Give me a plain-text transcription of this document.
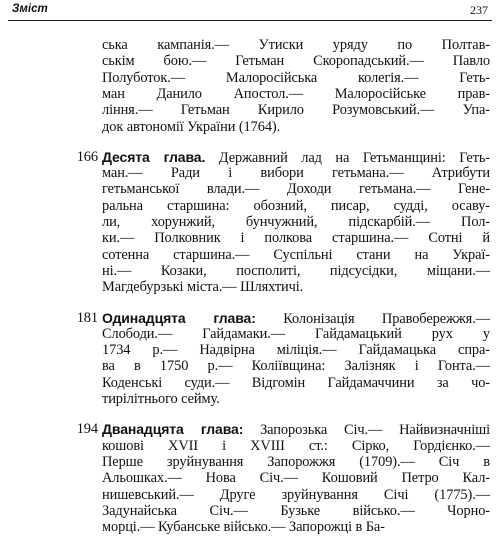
Зміст	237
ська кампанія.— Утиски уряду по Полтав-
ськім бою.— Гетьман Скоропадський.— Павло
Полуботок.— Малоросійська колегія.— Геть-
ман Данило Апостол.— Малоросійське прав-
ління.— Гетьман Кирило Розумовський.— Упа-
док автономії України (1764).
166 Десята глава. Державний лад на Гетьманщині: Геть-
ман.— Ради і вибори гетьмана.— Атрибути
гетьманської влади.— Доходи гетьмана.— Гене-
ральна старшина: обозний, писар, судді, осаву-
ли, хорунжий, бунчужний, підскарбій.— Пол-
ки.— Полковник і полкова старшина.— Сотні й
сотенна старшина.— Суспільні стани на Украї-
ні.— Козаки, посполиті, підсусідки, міщани.—
Магдебурзькі міста.— Шляхтичі.
181 Одинадцята глава: Колонізація Правобережжя.—
Слободи.— Гайдамаки.— Гайдамацький рух у
1734 р.— Надвірна міліція.— Гайдамацька спра-
ва в 1750 р.— Коліївщина: Залізняк і Гонта.—
Коденські суди.— Відгомін Гайдамаччини за чо-
тирілітнього сейму.
194 Дванадцята глава: Запорозька Січ.— Найвизначніші
кошові XVII і XVIII ст.: Сірко, Гордієнко.—
Перше зруйнування Запорожжя (1709).— Січ в
Альошках.— Нова Січ.— Кошовий Петро Кал-
нишевський.— Друге зруйнування Січі (1775).—
Задунайська Січ.— Бузьке військо.— Чорно-
морці.— Кубанське військо.— Запорожці в Ба-
